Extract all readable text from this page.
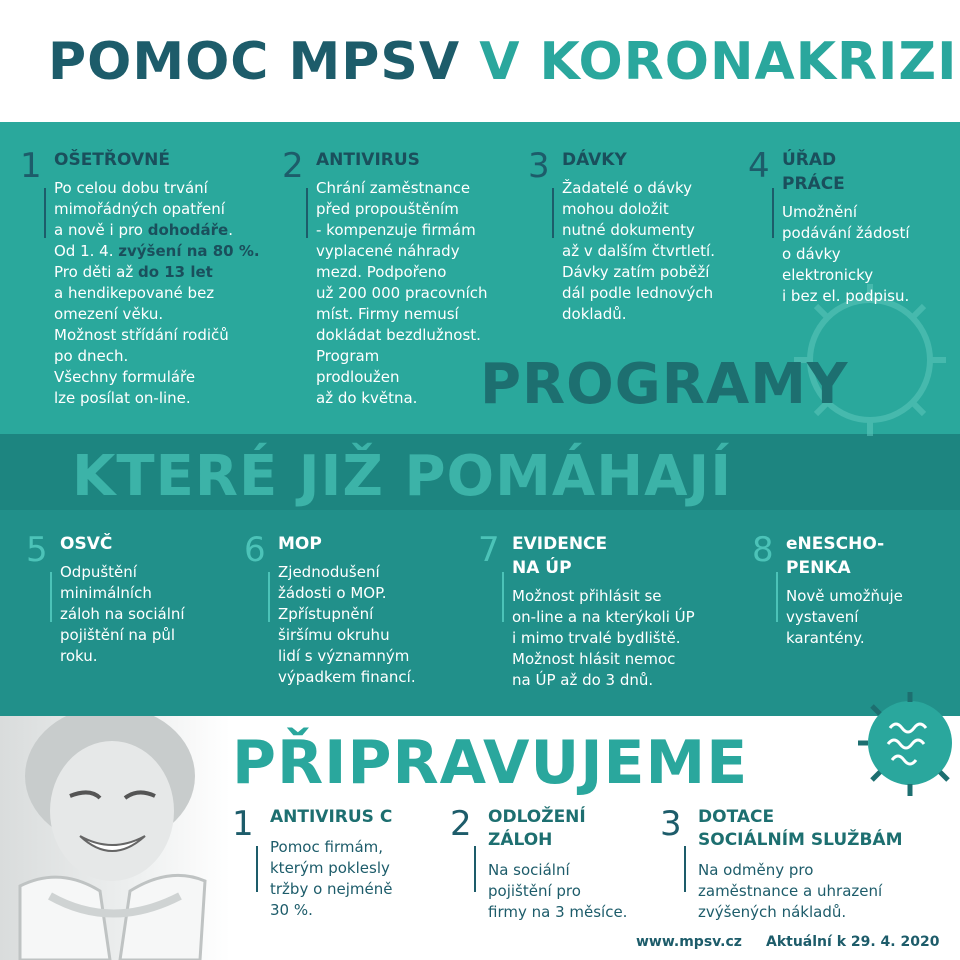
POMOC MPSV V KORONAKRIZI
PROGRAMY
KTERÉ JIŽ POMÁHAJÍ
1 OŠETŘOVNÉ
Po celou dobu trvání
mimořádných opatření
a nově i pro dohodáře.
Od 1. 4. zvýšení na 80 %.
Pro děti až do 13 let
a hendikepované bez
omezení věku.
Možnost střídání rodičů
po dnech.
Všechny formuláře
lze posílat on-line.
2 ANTIVIRUS
Chrání zaměstnance
před propouštěním
- kompenzuje firmám
vyplacené náhrady
mezd. Podpořeno
už 200 000 pracovních
míst. Firmy nemusí
dokládat bezdlužnost.
Program
prodloužen
až do května.
3 DÁVKY
Žadatelé o dávky
mohou doložit
nutné dokumenty
až v dalším čtvrtletí.
Dávky zatím poběží
dál podle lednových
dokladů.
4 ÚŘAD
PRÁCE
Umožnění
podávání žádostí
o dávky
elektronicky
i bez el. podpisu.
5 OSVČ
Odpuštění
minimálních
záloh na sociální
pojištění na půl
roku.
6 MOP
Zjednodušení
žádosti o MOP.
Zpřístupnění
širšímu okruhu
lidí s významným
výpadkem financí.
7 EVIDENCE
NA ÚP
Možnost přihlásit se
on-line a na kterýkoli ÚP
i mimo trvalé bydliště.
Možnost hlásit nemoc
na ÚP až do 3 dnů.
8 eNESCHO-
PENKA
Nově umožňuje
vystavení
karantény.
PŘIPRAVUJEME
1 ANTIVIRUS C
Pomoc firmám,
kterým poklesly
tržby o nejméně
30 %.
2 ODLOŽENÍ
ZÁLOH
Na sociální
pojištění pro
firmy na 3 měsíce.
3 DOTACE
SOCIÁLNÍM SLUŽBÁM
Na odměny pro
zaměstnance a uhrazení
zvýšených nákladů.
www.mpsv.cz Aktuální k 29. 4. 2020
